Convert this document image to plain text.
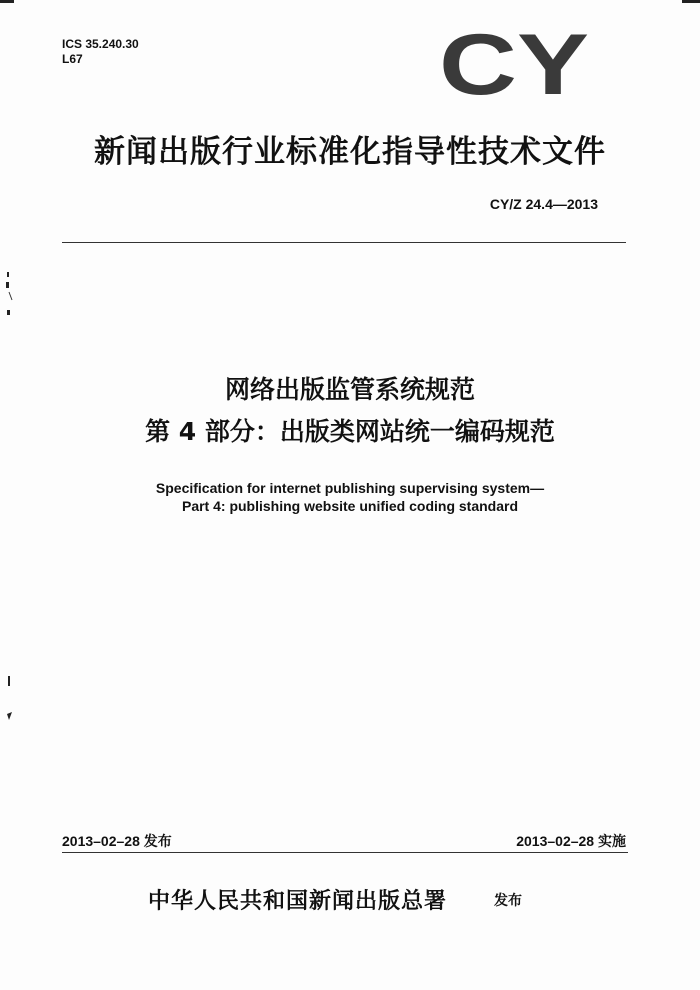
ICS 35.240.30
L67	CY
新闻出版行业标准化指导性技术文件
CY/Z 24.4—2013
网络出版监管系统规范
第 4 部分：出版类网站统一编码规范
Specification for internet publishing supervising system—
Part 4: publishing website unified coding standard
2013–02–28 发布	2013–02–28 实施
中华人民共和国新闻出版总署	发布
